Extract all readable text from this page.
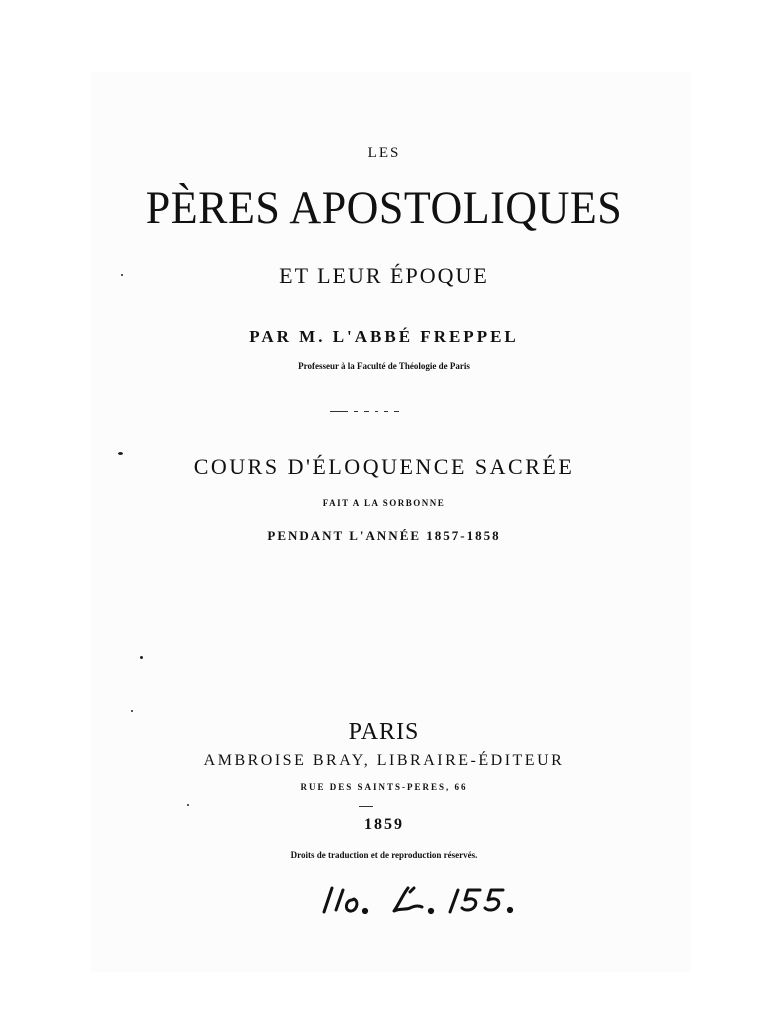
LES
PÈRES APOSTOLIQUES
ET LEUR ÉPOQUE
PAR M. L'ABBÉ FREPPEL
Professeur à la Faculté de Théologie de Paris
COURS D'ÉLOQUENCE SACRÉE
FAIT A LA SORBONNE
PENDANT L'ANNÉE 1857-1858
PARIS
AMBROISE BRAY, LIBRAIRE-ÉDITEUR
RUE DES SAINTS-PERES, 66
1859
Droits de traduction et de reproduction réservés.
